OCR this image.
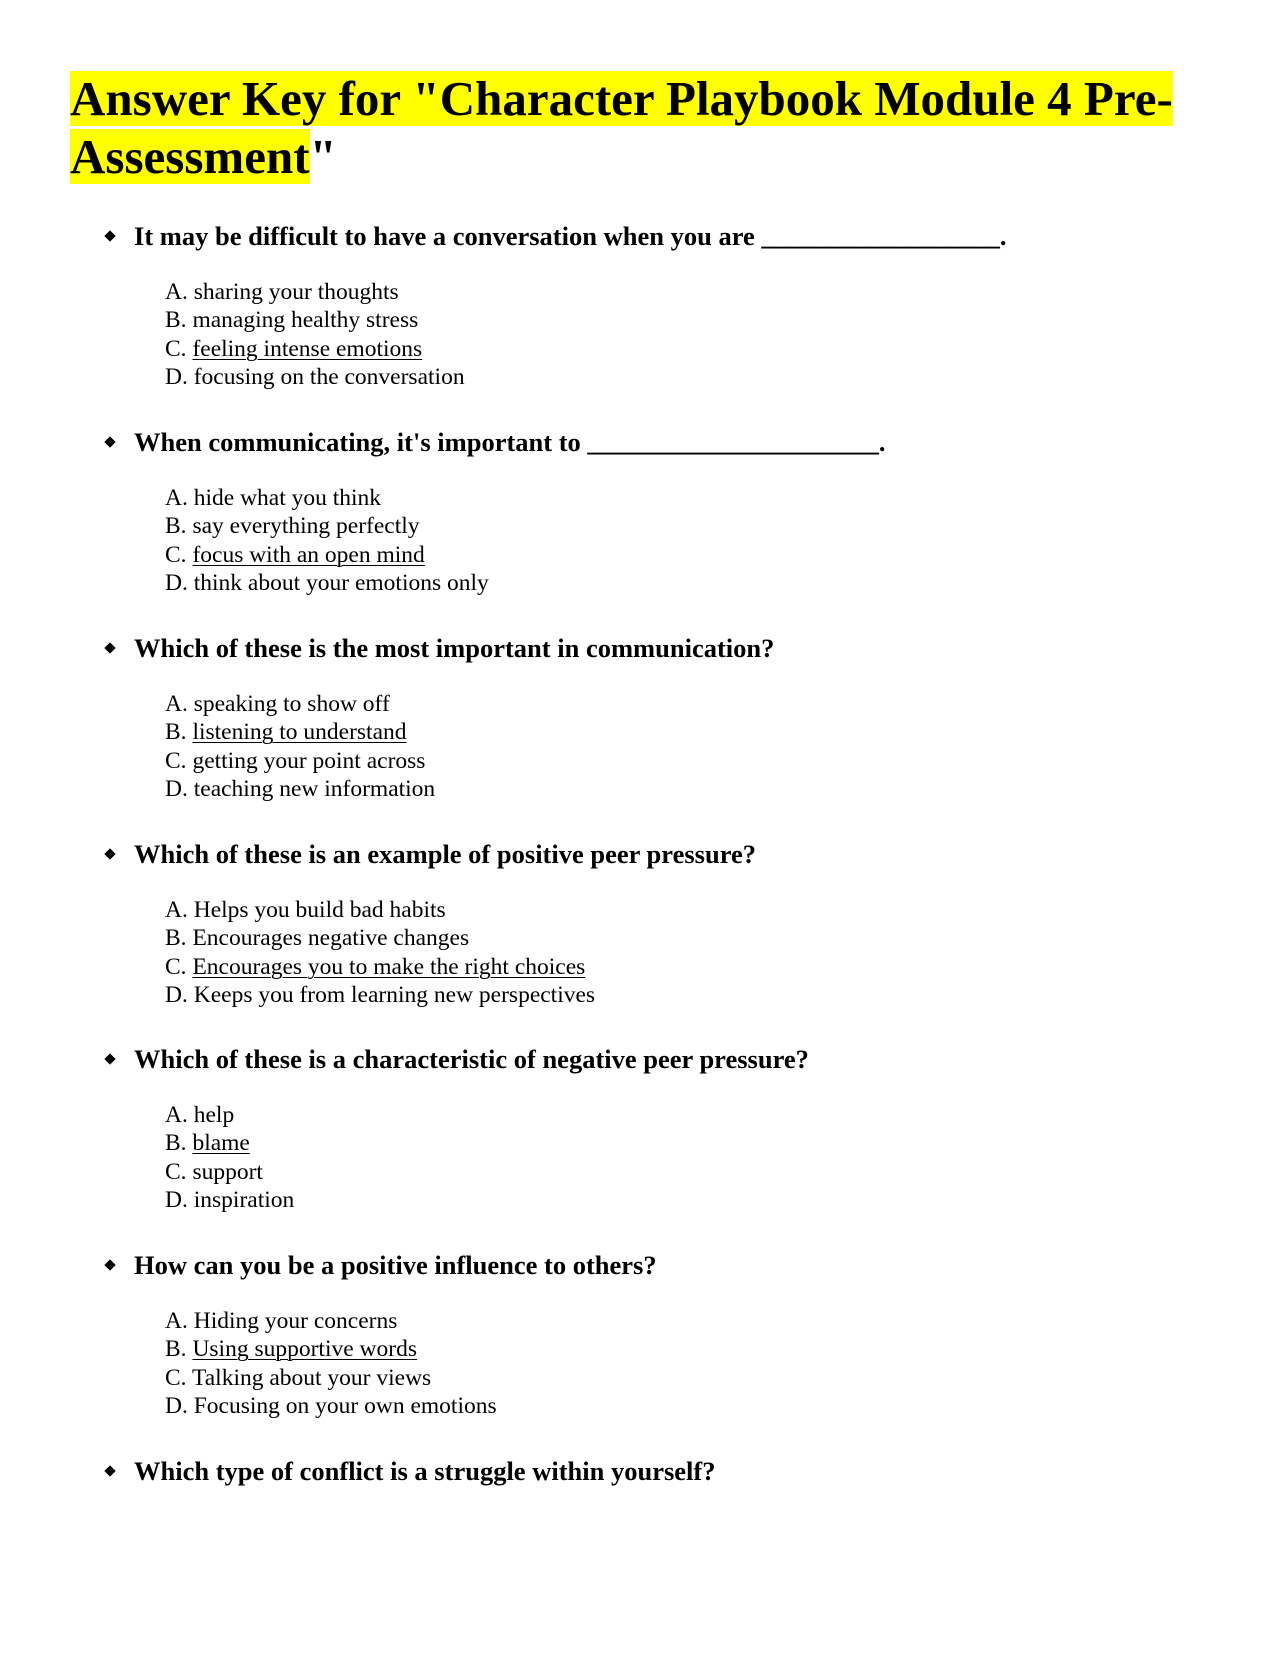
Answer Key for "Character Playbook Module 4 Pre-Assessment"
It may be difficult to have a conversation when you are __________________.
A. sharing your thoughts
B. managing healthy stress
C. feeling intense emotions
D. focusing on the conversation
When communicating, it's important to ______________________.
A. hide what you think
B. say everything perfectly
C. focus with an open mind
D. think about your emotions only
Which of these is the most important in communication?
A. speaking to show off
B. listening to understand
C. getting your point across
D. teaching new information
Which of these is an example of positive peer pressure?
A. Helps you build bad habits
B. Encourages negative changes
C. Encourages you to make the right choices
D. Keeps you from learning new perspectives
Which of these is a characteristic of negative peer pressure?
A. help
B. blame
C. support
D. inspiration
How can you be a positive influence to others?
A. Hiding your concerns
B. Using supportive words
C. Talking about your views
D. Focusing on your own emotions
Which type of conflict is a struggle within yourself?
